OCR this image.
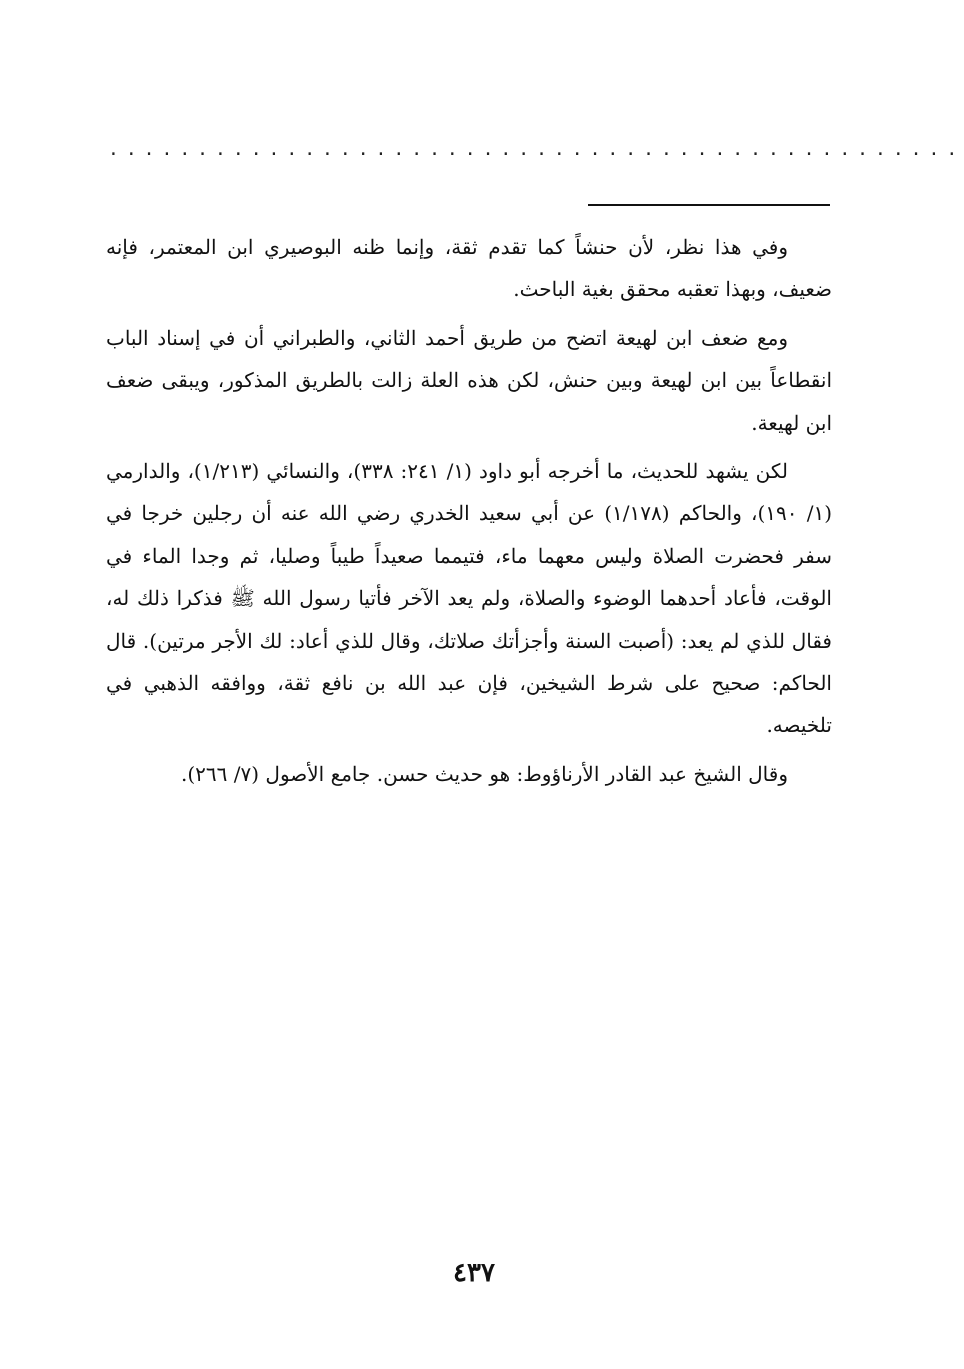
................................................

وفي هذا نظر، لأن حنشاً كما تقدم ثقة، وإنما ظنه البوصيري ابن المعتمر، فإنه ضعيف، وبهذا تعقبه محقق بغية الباحث.

ومع ضعف ابن لهيعة اتضح من طريق أحمد الثاني، والطبراني أن في إسناد الباب انقطاعاً بين ابن لهيعة وبين حنش، لكن هذه العلة زالت بالطريق المذكور، ويبقى ضعف ابن لهيعة.

لكن يشهد للحديث، ما أخرجه أبو داود (١/ ٢٤١: ٣٣٨)، والنسائي (١/٢١٣)، والدارمي (١/ ١٩٠)، والحاكم (١/١٧٨) عن أبي سعيد الخدري رضي الله عنه أن رجلين خرجا في سفر فحضرت الصلاة وليس معهما ماء، فتيمما صعيداً طيباً وصليا، ثم وجدا الماء في الوقت، فأعاد أحدهما الوضوء والصلاة، ولم يعد الآخر فأتيا رسول الله ﷺ فذكرا ذلك له، فقال للذي لم يعد: (أصبت السنة وأجزأتك صلاتك، وقال للذي أعاد: لك الأجر مرتين). قال الحاكم: صحيح على شرط الشيخين، فإن عبد الله بن نافع ثقة، ووافقه الذهبي في تلخيصه.

وقال الشيخ عبد القادر الأرناؤوط: هو حديث حسن. جامع الأصول (٧/ ٢٦٦).

٤٣٧
